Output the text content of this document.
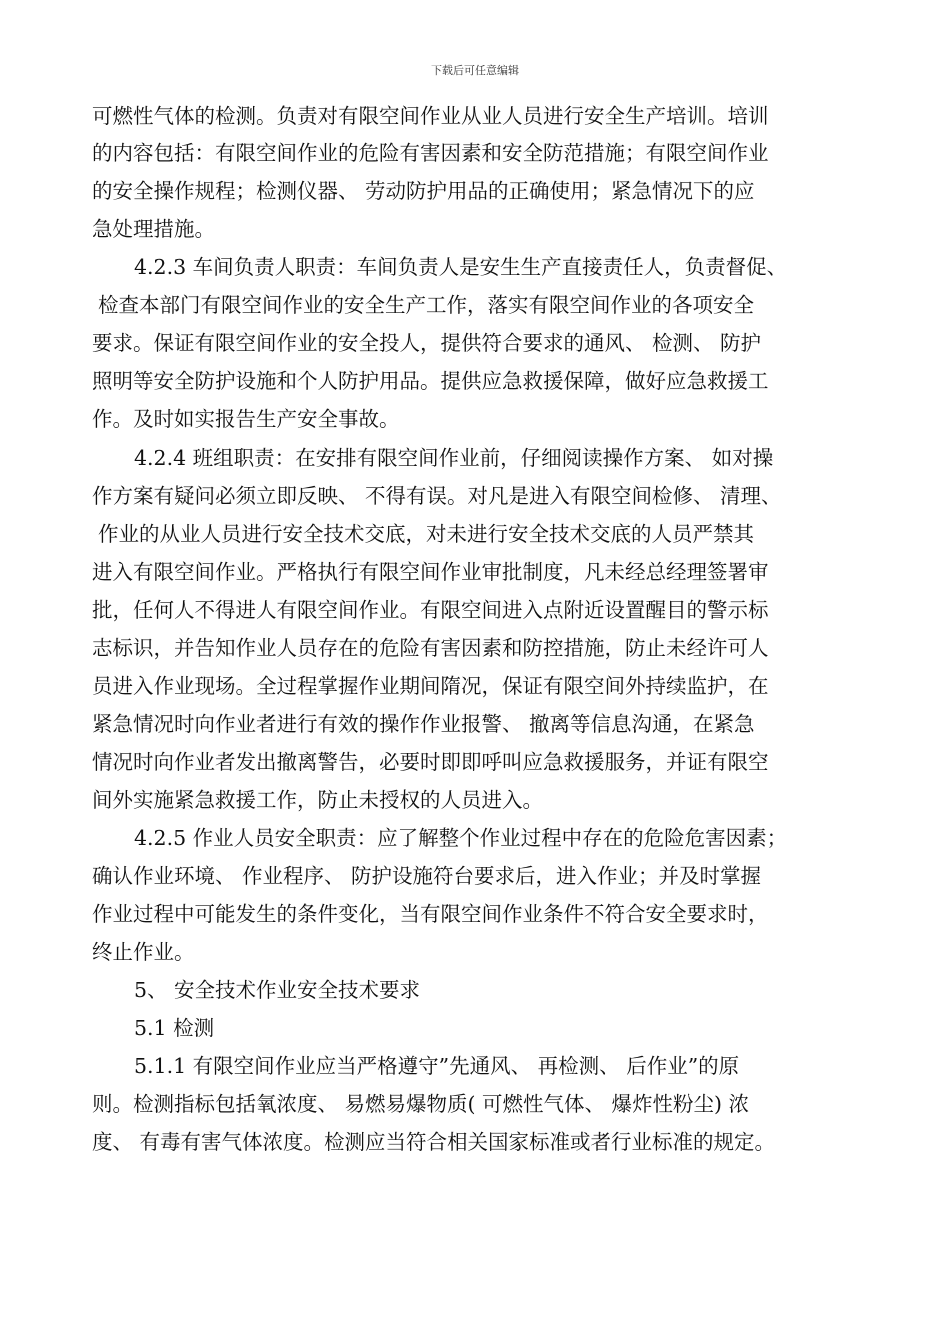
下载后可任意编辑
可燃性气体的检测。负责对有限空间作业从业人员进行安全生产培训。培训
的内容包括：有限空间作业的危险有害因素和安全防范措施；有限空间作业
的安全操作规程；检测仪器、 劳动防护用品的正确使用；紧急情况下的应
急处理措施。
4.2.3 车间负责人职责：车间负责人是安生生产直接责任人，负责督促、
检查本部门有限空间作业的安全生产工作，落实有限空间作业的各项安全
要求。保证有限空间作业的安全投人，提供符合要求的通风、 检测、 防护
照明等安全防护设施和个人防护用品。提供应急救援保障，做好应急救援工
作。及时如实报告生产安全事故。
4.2.4 班组职责：在安排有限空间作业前，仔细阅读操作方案、 如对操
作方案有疑问必须立即反映、 不得有误。对凡是进入有限空间检修、 清理、
作业的从业人员进行安全技术交底，对未进行安全技术交底的人员严禁其
进入有限空间作业。严格执行有限空间作业审批制度，凡未经总经理签署审
批，任何人不得进人有限空间作业。有限空间进入点附近设置醒目的警示标
志标识，并告知作业人员存在的危险有害因素和防控措施，防止未经许可人
员进入作业现场。全过程掌握作业期间隋况，保证有限空间外持续监护，在
紧急情况时向作业者进行有效的操作作业报警、 撤离等信息沟通，在紧急
情况时向作业者发出撤离警告，必要时即即呼叫应急救援服务，并证有限空
间外实施紧急救援工作，防止未授权的人员进入。
4.2.5 作业人员安全职责：应了解整个作业过程中存在的危险危害因素；
确认作业环境、 作业程序、 防护设施符台要求后，进入作业；并及时掌握
作业过程中可能发生的条件变化，当有限空间作业条件不符合安全要求时，
终止作业。
5、 安全技术作业安全技术要求
5.1 检测
5.1.1 有限空间作业应当严格遵守”先通风、 再检测、 后作业”的原
则。检测指标包括氧浓度、 易燃易爆物质( 可燃性气体、 爆炸性粉尘) 浓
度、 有毒有害气体浓度。检测应当符合相关国家标准或者行业标准的规定。
